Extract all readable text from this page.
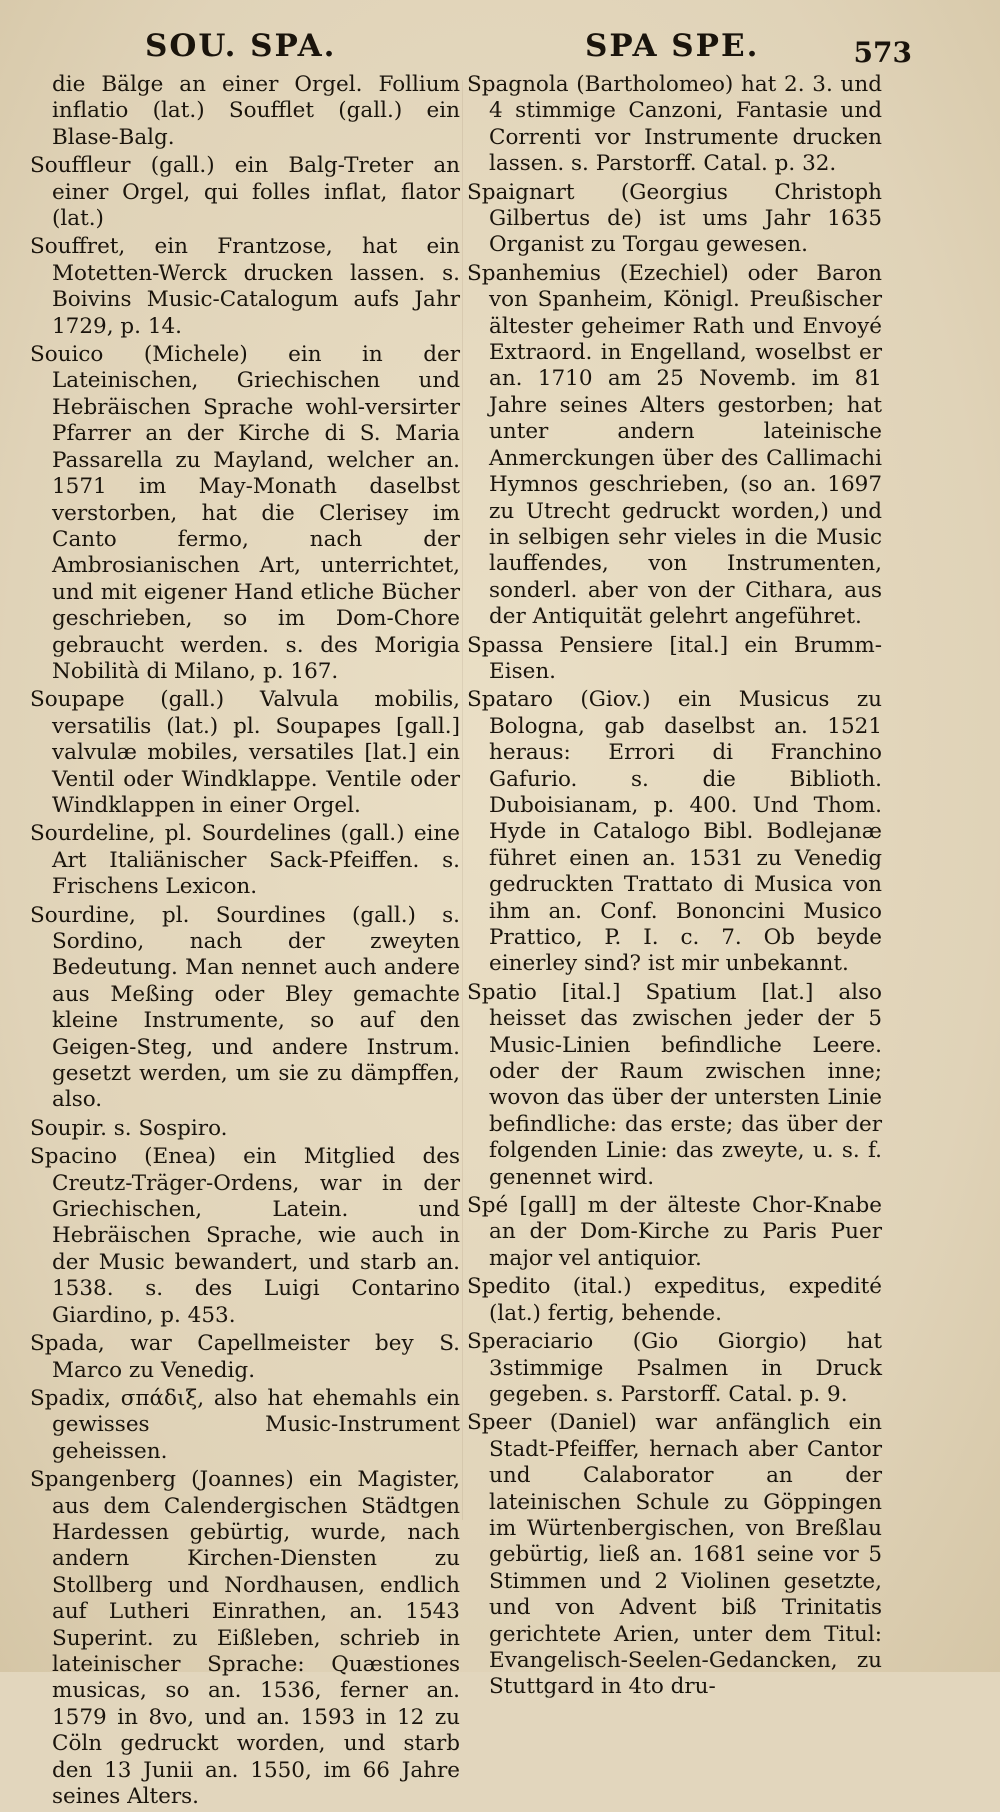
SOU. SPA.	SPA SPE.	573

die Bälge an einer Orgel. Follium inflatio (lat.) Soufflet (gall.) ein Blase-Balg.

Souffleur (gall.) ein Balg-Treter an einer Orgel, qui folles inflat, flator (lat.)

Souffret, ein Frantzose, hat ein Motetten-Werck drucken lassen. s. Boivins Music-Catalogum aufs Jahr 1729, p. 14.

Souico (Michele) ein in der Lateinischen, Griechischen und Hebräischen Sprache wohl-versirter Pfarrer an der Kirche di S. Maria Passarella zu Mayland, welcher an. 1571 im May-Monath daselbst verstorben, hat die Clerisey im Canto fermo, nach der Ambrosianischen Art, unterrichtet, und mit eigener Hand etliche Bücher geschrieben, so im Dom-Chore gebraucht werden. s. des Morigia Nobilità di Milano, p. 167.

Soupape (gall.) Valvula mobilis, versatilis (lat.) pl. Soupapes [gall.] valvulæ mobiles, versatiles [lat.] ein Ventil oder Windklappe. Ventile oder Windklappen in einer Orgel.

Sourdeline, pl. Sourdelines (gall.) eine Art Italiänischer Sack-Pfeiffen. s. Frischens Lexicon.

Sourdine, pl. Sourdines (gall.) s. Sordino, nach der zweyten Bedeutung. Man nennet auch andere aus Meßing oder Bley gemachte kleine Instrumente, so auf den Geigen-Steg, und andere Instrum. gesetzt werden, um sie zu dämpffen, also.

Soupir. s. Sospiro.

Spacino (Enea) ein Mitglied des Creutz-Träger-Ordens, war in der Griechischen, Latein. und Hebräischen Sprache, wie auch in der Music bewandert, und starb an. 1538. s. des Luigi Contarino Giardino, p. 453.

Spada, war Capellmeister bey S. Marco zu Venedig.

Spadix, σπάδιξ, also hat ehemahls ein gewisses Music-Instrument geheissen.

Spangenberg (Joannes) ein Magister, aus dem Calendergischen Städtgen Hardessen gebürtig, wurde, nach andern Kirchen-Diensten zu Stollberg und Nordhausen, endlich auf Lutheri Einrathen, an. 1543 Superint. zu Eißleben, schrieb in lateinischer Sprache: Quæstiones musicas, so an. 1536, ferner an. 1579 in 8vo, und an. 1593 in 12 zu Cöln gedruckt worden, und starb den 13 Junii an. 1550, im 66 Jahre seines Alters.

Spagnola (Bartholomeo) hat 2. 3. und 4 stimmige Canzoni, Fantasie und Correnti vor Instrumente drucken lassen. s. Parstorff. Catal. p. 32.

Spaignart (Georgius Christoph Gilbertus de) ist ums Jahr 1635 Organist zu Torgau gewesen.

Spanhemius (Ezechiel) oder Baron von Spanheim, Königl. Preußischer ältester geheimer Rath und Envoyé Extraord. in Engelland, woselbst er an. 1710 am 25 Novemb. im 81 Jahre seines Alters gestorben; hat unter andern lateinische Anmerckungen über des Callimachi Hymnos geschrieben, (so an. 1697 zu Utrecht gedruckt worden,) und in selbigen sehr vieles in die Music lauffendes, von Instrumenten, sonderl. aber von der Cithara, aus der Antiquität gelehrt angeführet.

Spassa Pensiere [ital.] ein Brumm-Eisen.

Spataro (Giov.) ein Musicus zu Bologna, gab daselbst an. 1521 heraus: Errori di Franchino Gafurio. s. die Biblioth. Duboisianam, p. 400. Und Thom. Hyde in Catalogo Bibl. Bodlejanæ führet einen an. 1531 zu Venedig gedruckten Trattato di Musica von ihm an. Conf. Bononcini Musico Prattico, P. I. c. 7. Ob beyde einerley sind? ist mir unbekannt.

Spatio [ital.] Spatium [lat.] also heisset das zwischen jeder der 5 Music-Linien befindliche Leere. oder der Raum zwischen inne; wovon das über der untersten Linie befindliche: das erste; das über der folgenden Linie: das zweyte, u. s. f. genennet wird.

Spé [gall] m der älteste Chor-Knabe an der Dom-Kirche zu Paris Puer major vel antiquior.

Spedito (ital.) expeditus, expedité (lat.) fertig, behende.

Speraciario (Gio Giorgio) hat 3stimmige Psalmen in Druck gegeben. s. Parstorff. Catal. p. 9.

Speer (Daniel) war anfänglich ein Stadt-Pfeiffer, hernach aber Cantor und Calaborator an der lateinischen Schule zu Göppingen im Würtenbergischen, von Breßlau gebürtig, ließ an. 1681 seine vor 5 Stimmen und 2 Violinen gesetzte, und von Advent biß Trinitatis gerichtete Arien, unter dem Titul: Evangelisch-Seelen-Gedancken, zu Stuttgard in 4to dru-
